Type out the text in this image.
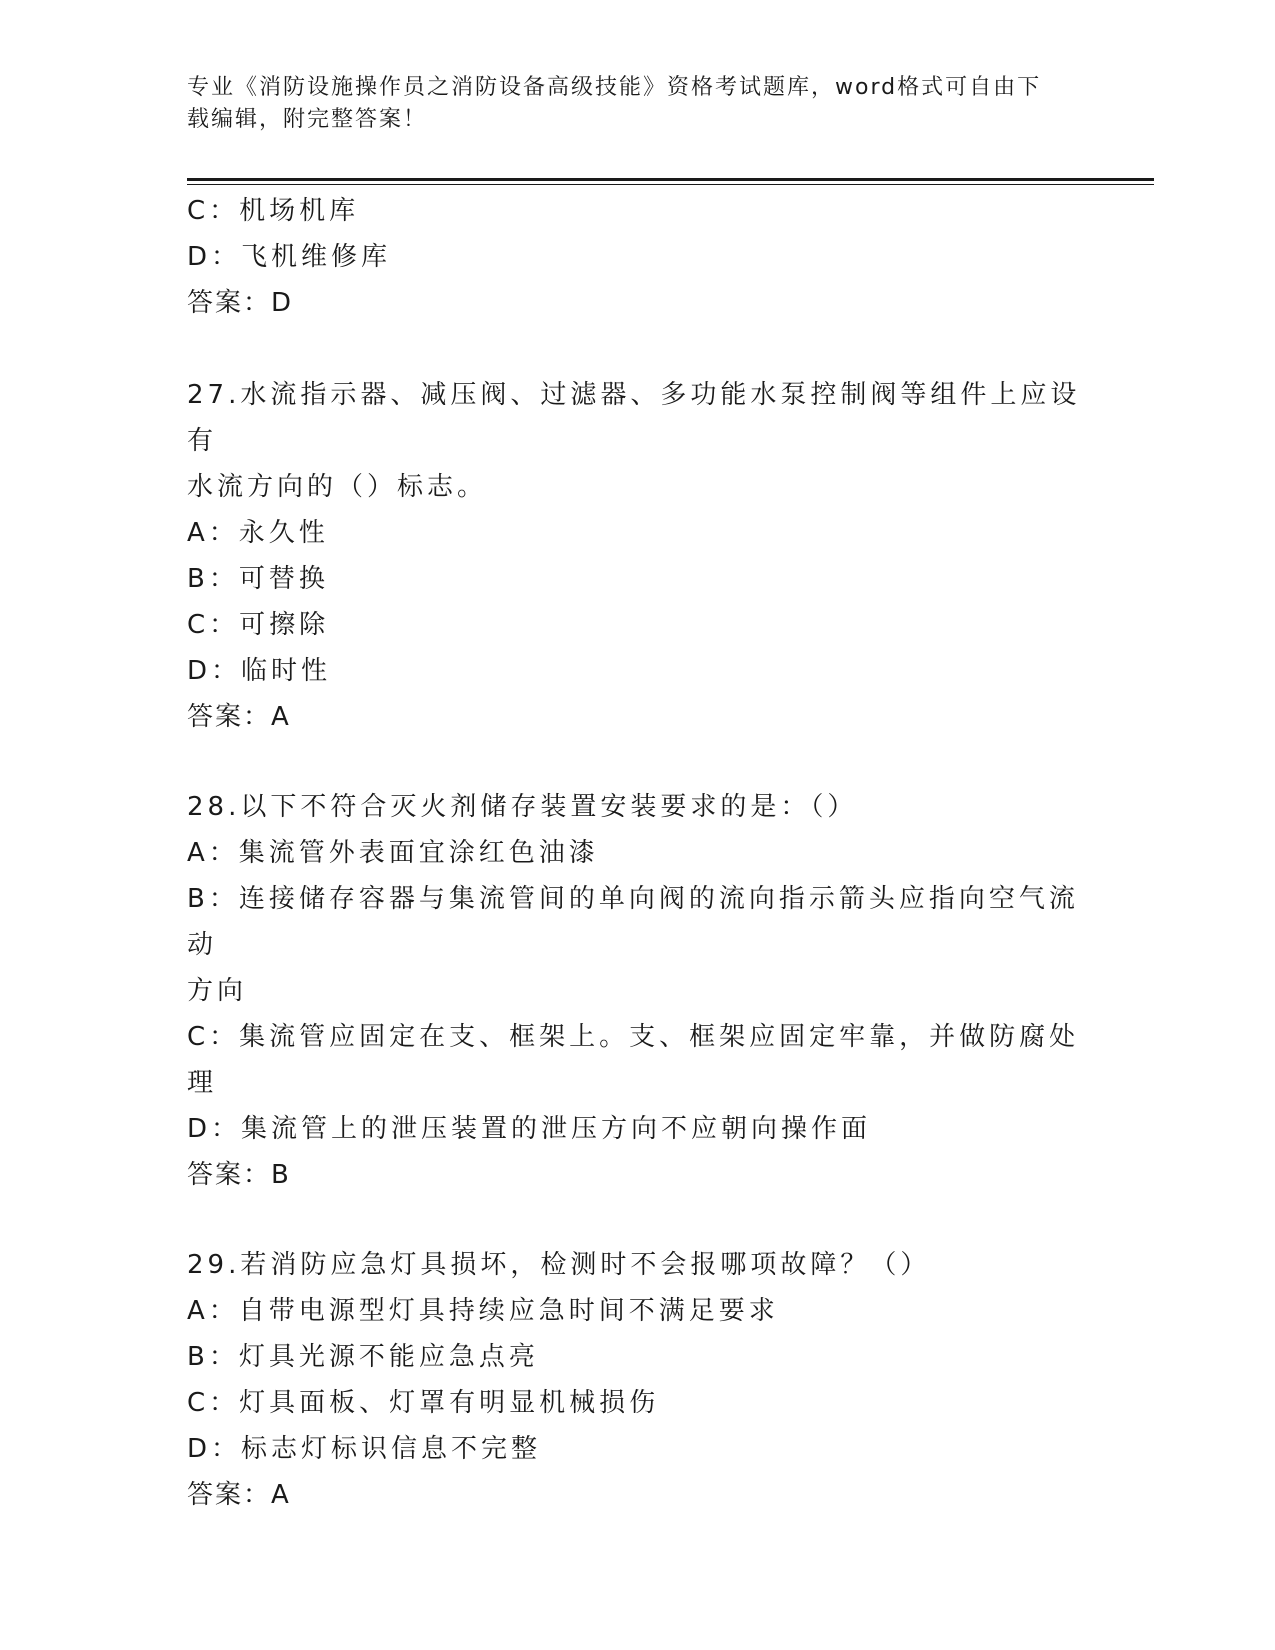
专业《消防设施操作员之消防设备高级技能》资格考试题库，word格式可自由下
载编辑，附完整答案！
C：机场机库
D：飞机维修库
答案：D
27.水流指示器、减压阀、过滤器、多功能水泵控制阀等组件上应设有
水流方向的（）标志。
A：永久性
B：可替换
C：可擦除
D：临时性
答案：A
28.以下不符合灭火剂储存装置安装要求的是：（）
A：集流管外表面宜涂红色油漆
B：连接储存容器与集流管间的单向阀的流向指示箭头应指向空气流动
方向
C：集流管应固定在支、框架上。支、框架应固定牢靠，并做防腐处理
D：集流管上的泄压装置的泄压方向不应朝向操作面
答案：B
29.若消防应急灯具损坏，检测时不会报哪项故障？（）
A：自带电源型灯具持续应急时间不满足要求
B：灯具光源不能应急点亮
C：灯具面板、灯罩有明显机械损伤
D：标志灯标识信息不完整
答案：A
